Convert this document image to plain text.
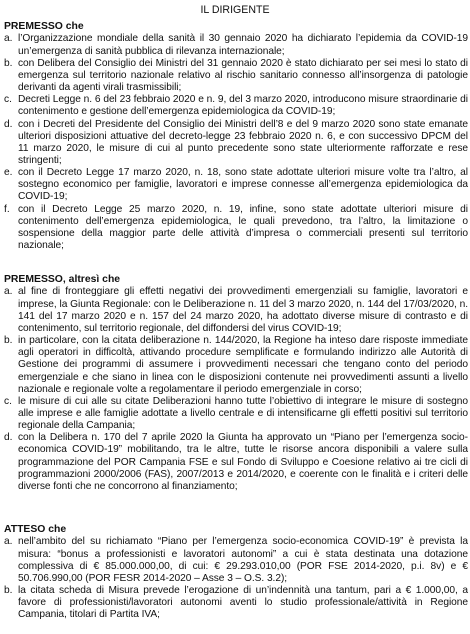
IL DIRIGENTE

PREMESSO che

a. l’Organizzazione mondiale della sanità il 30 gennaio 2020 ha dichiarato l’epidemia da COVID-19 un’emergenza di sanità pubblica di rilevanza internazionale;

b. con Delibera del Consiglio dei Ministri del 31 gennaio 2020 è stato dichiarato per sei mesi lo stato di emergenza sul territorio nazionale relativo al rischio sanitario connesso all’insorgenza di patologie derivanti da agenti virali trasmissibili;

c. Decreti Legge n. 6 del 23 febbraio 2020 e n. 9, del 3 marzo 2020, introducono misure straordinarie di contenimento e gestione dell’emergenza epidemiologica da COVID-19;

d. con i Decreti del Presidente del Consiglio dei Ministri dell’8 e del 9 marzo 2020 sono state emanate ulteriori disposizioni attuative del decreto-legge 23 febbraio 2020 n. 6, e con successivo DPCM del 11 marzo 2020, le misure di cui al punto precedente sono state ulteriormente rafforzate e rese stringenti;

e. con il Decreto Legge 17 marzo 2020, n. 18, sono state adottate ulteriori misure volte tra l’altro, al sostegno economico per famiglie, lavoratori e imprese connesse all’emergenza epidemiologica da COVID-19;

f. con il Decreto Legge 25 marzo 2020, n. 19, infine, sono state adottate ulteriori misure di contenimento dell’emergenza epidemiologica, le quali prevedono, tra l’altro, la limitazione o sospensione della maggior parte delle attività d’impresa o commerciali presenti sul territorio nazionale;

PREMESSO, altresì che

a. al fine di fronteggiare gli effetti negativi dei provvedimenti emergenziali su famiglie, lavoratori e imprese, la Giunta Regionale: con le Deliberazione n. 11 del 3 marzo 2020, n. 144 del 17/03/2020, n. 141 del 17 marzo 2020 e n. 157 del 24 marzo 2020, ha adottato diverse misure di contrasto e di contenimento, sul territorio regionale, del diffondersi del virus COVID-19;

b. in particolare, con la citata deliberazione n. 144/2020, la Regione ha inteso dare risposte immediate agli operatori in difficoltà, attivando procedure semplificate e formulando indirizzo alle Autorità di Gestione dei programmi di assumere i provvedimenti necessari che tengano conto del periodo emergenziale e che siano in linea con le disposizioni contenute nei provvedimenti assunti a livello nazionale e regionale volte a regolamentare il periodo emergenziale in corso;

c. le misure di cui alle su citate Deliberazioni hanno tutte l’obiettivo di integrare le misure di sostegno alle imprese e alle famiglie adottate a livello centrale e di intensificarne gli effetti positivi sul territorio regionale della Campania;

d. con la Delibera n. 170 del 7 aprile 2020 la Giunta ha approvato un “Piano per l’emergenza socio-economica COVID-19” mobilitando, tra le altre, tutte le risorse ancora disponibili a valere sulla programmazione del POR Campania FSE e sul Fondo di Sviluppo e Coesione relativo ai tre cicli di programmazioni 2000/2006 (FAS), 2007/2013 e 2014/2020, e coerente con le finalità e i criteri delle diverse fonti che ne concorrono al finanziamento;

ATTESO che

a. nell’ambito del su richiamato “Piano per l’emergenza socio-economica COVID-19” è prevista la misura: “bonus a professionisti e lavoratori autonomi” a cui è stata destinata una dotazione complessiva di € 85.000.000,00, di cui: € 29.293.010,00 (POR FSE 2014-2020, p.i. 8v) e € 50.706.990,00 (POR FESR 2014-2020 – Asse 3 – O.S. 3.2);

b. la citata scheda di Misura prevede l’erogazione di un’indennità una tantum, pari a € 1.000,00, a favore di professionisti/lavoratori autonomi aventi lo studio professionale/attività in Regione Campania, titolari di Partita IVA;
